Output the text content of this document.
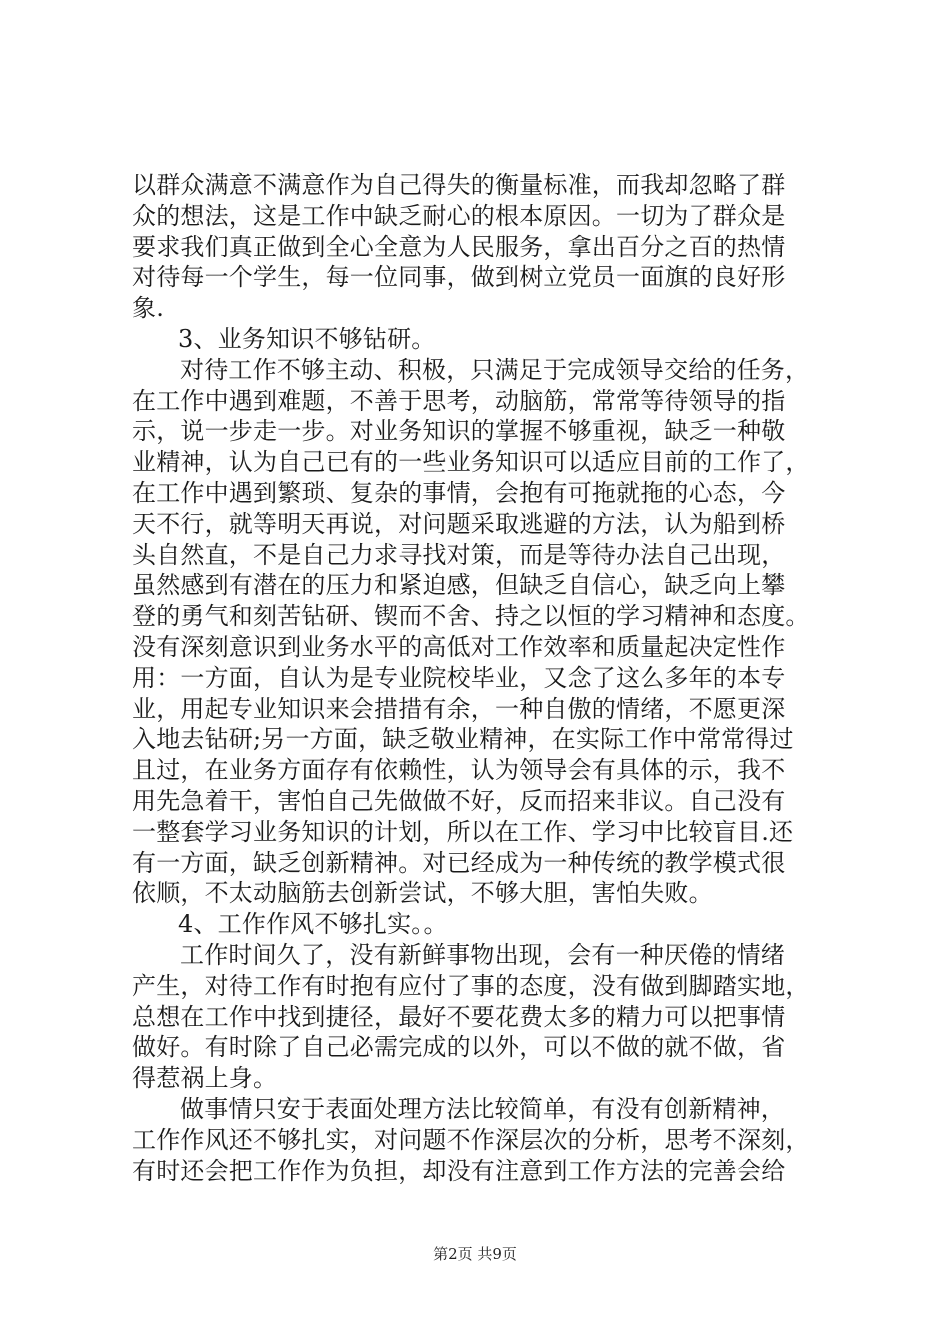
以群众满意不满意作为自己得失的衡量标准，而我却忽略了群
众的想法，这是工作中缺乏耐心的根本原因。一切为了群众是
要求我们真正做到全心全意为人民服务，拿出百分之百的热情
对待每一个学生，每一位同事，做到树立党员一面旗的良好形
象.
3、业务知识不够钻研。
对待工作不够主动、积极，只满足于完成领导交给的任务，
在工作中遇到难题，不善于思考，动脑筋，常常等待领导的指
示，说一步走一步。对业务知识的掌握不够重视，缺乏一种敬
业精神，认为自己已有的一些业务知识可以适应目前的工作了，
在工作中遇到繁琐、复杂的事情，会抱有可拖就拖的心态，今
天不行，就等明天再说，对问题采取逃避的方法，认为船到桥
头自然直，不是自己力求寻找对策，而是等待办法自己出现，
虽然感到有潜在的压力和紧迫感，但缺乏自信心，缺乏向上攀
登的勇气和刻苦钻研、锲而不舍、持之以恒的学习精神和态度。
没有深刻意识到业务水平的高低对工作效率和质量起决定性作
用：一方面，自认为是专业院校毕业，又念了这么多年的本专
业，用起专业知识来会措措有余，一种自傲的情绪，不愿更深
入地去钻研;另一方面，缺乏敬业精神，在实际工作中常常得过
且过，在业务方面存有依赖性，认为领导会有具体的示，我不
用先急着干，害怕自己先做做不好，反而招来非议。自己没有
一整套学习业务知识的计划，所以在工作、学习中比较盲目.还
有一方面，缺乏创新精神。对已经成为一种传统的教学模式很
依顺，不太动脑筋去创新尝试，不够大胆，害怕失败。
4、工作作风不够扎实。。
工作时间久了，没有新鲜事物出现，会有一种厌倦的情绪
产生，对待工作有时抱有应付了事的态度，没有做到脚踏实地，
总想在工作中找到捷径，最好不要花费太多的精力可以把事情
做好。有时除了自己必需完成的以外，可以不做的就不做，省
得惹祸上身。
做事情只安于表面处理方法比较简单，有没有创新精神，
工作作风还不够扎实，对问题不作深层次的分析，思考不深刻，
有时还会把工作作为负担，却没有注意到工作方法的完善会给
第2页 共9页
